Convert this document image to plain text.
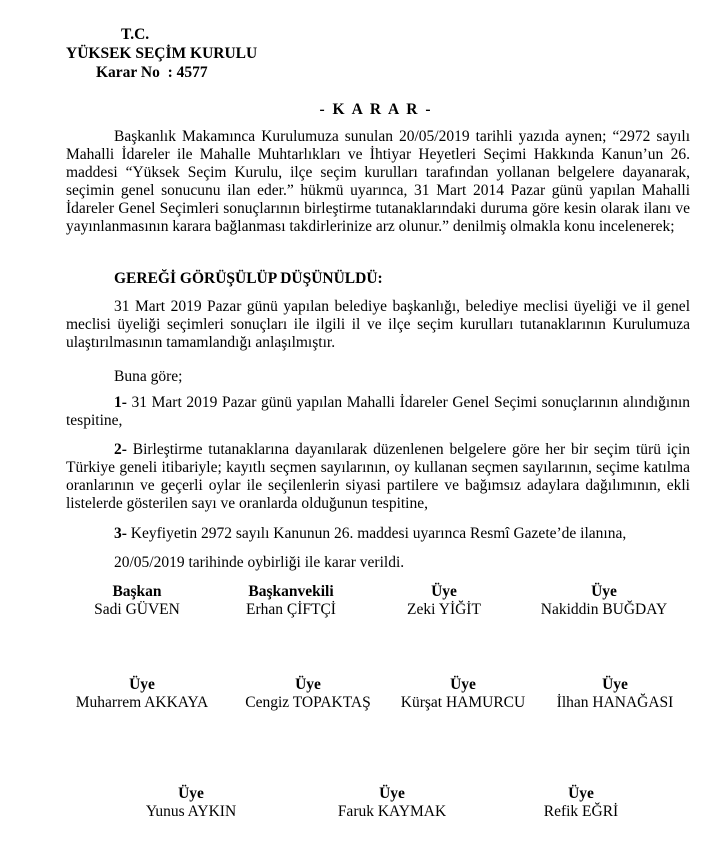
T.C.
YÜKSEK SEÇİM KURULU
Karar No  : 4577
- K A R A R -
Başkanlık Makamınca Kurulumuza sunulan 20/05/2019 tarihli yazıda aynen; “2972 sayılı Mahalli İdareler ile Mahalle Muhtarlıkları ve İhtiyar Heyetleri Seçimi Hakkında Kanun’un 26. maddesi “Yüksek Seçim Kurulu, ilçe seçim kurulları tarafından yollanan belgelere dayanarak, seçimin genel sonucunu ilan eder.” hükmü uyarınca, 31 Mart 2014 Pazar günü yapılan Mahalli İdareler Genel Seçimleri sonuçlarının birleştirme tutanaklarındaki duruma göre kesin olarak ilanı ve yayınlanmasının karara bağlanması takdirlerinize arz olunur.” denilmiş olmakla konu incelenerek;
GEREĞİ GÖRÜŞÜLÜP DÜŞÜNÜLDÜ:
31 Mart 2019 Pazar günü yapılan belediye başkanlığı, belediye meclisi üyeliği ve il genel meclisi üyeliği seçimleri sonuçları ile ilgili il ve ilçe seçim kurulları tutanaklarının Kurulumuza ulaştırılmasının tamamlandığı anlaşılmıştır.
Buna göre;
1- 31 Mart 2019 Pazar günü yapılan Mahalli İdareler Genel Seçimi sonuçlarının alındığının tespitine,
2- Birleştirme tutanaklarına dayanılarak düzenlenen belgelere göre her bir seçim türü için Türkiye geneli itibariyle; kayıtlı seçmen sayılarının, oy kullanan seçmen sayılarının, seçime katılma oranlarının ve geçerli oylar ile seçilenlerin siyasi partilere ve bağımsız adaylara dağılımının, ekli listelerde gösterilen sayı ve oranlarda olduğunun tespitine,
3- Keyfiyetin 2972 sayılı Kanunun 26. maddesi uyarınca Resmî Gazete’de ilanına,
20/05/2019 tarihinde oybirliği ile karar verildi.
Başkan
Sadi GÜVEN
Başkanvekili
Erhan ÇİFTÇİ
Üye
Zeki YİĞİT
Üye
Nakiddin BUĞDAY
Üye
Muharrem AKKAYA
Üye
Cengiz TOPAKTAŞ
Üye
Kürşat HAMURCU
Üye
İlhan HANAĞASI
Üye
Yunus AYKIN
Üye
Faruk KAYMAK
Üye
Refik EĞRİ
